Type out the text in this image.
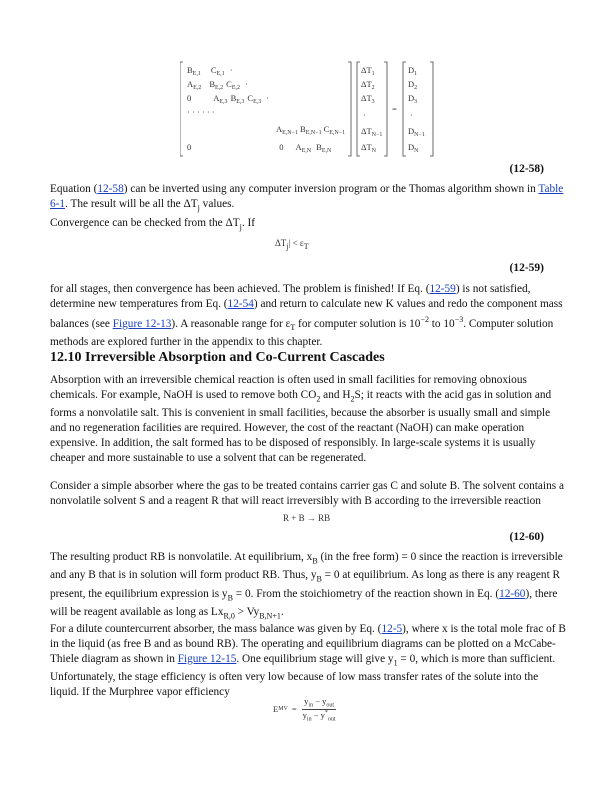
$B_{E,1}$ $C_{E,1}$ ·
$A_{E,2}$ $B_{E,2}$ $C_{E,2}$ ·
0	$A_{E,3}$ $B_{E,3}$ $C_{E,3}$ ·
· · · · · ·
$A_{E,N-1}$ $B_{E,N-1}$ $C_{E,N-1}$
0	0 $A_{E,N}$ $B_{E,N}$
$\Delta T_1$
$\Delta T_2$
$\Delta T_3$
·
$\Delta T_{N-1}$
$\Delta T_N$
=
$D_1$
$D_2$
$D_3$
·
$D_{N-1}$
$D_N$
(12-58)

Equation (12-58) can be inverted using any computer inversion program or the Thomas algorithm shown in Table 6-1. The result will be all the $\Delta T_j$ values.

Convergence can be checked from the $\Delta T_j$. If

$\Delta T_j| < \varepsilon_T$
(12-59)

for all stages, then convergence has been achieved. The problem is finished! If Eq. (12-59) is not satisfied, determine new temperatures from Eq. (12-54) and return to calculate new K values and redo the component mass balances (see Figure 12-13). A reasonable range for $\varepsilon_T$ for computer solution is $10^{-2}$ to $10^{-3}$. Computer solution methods are explored further in the appendix to this chapter.

12.10 Irreversible Absorption and Co-Current Cascades

Absorption with an irreversible chemical reaction is often used in small facilities for removing obnoxious chemicals. For example, NaOH is used to remove both $CO_2$ and $H_2S$; it reacts with the acid gas in solution and forms a nonvolatile salt. This is convenient in small facilities, because the absorber is usually small and simple and no regeneration facilities are required. However, the cost of the reactant (NaOH) can make operation expensive. In addition, the salt formed has to be disposed of responsibly. In large-scale systems it is usually cheaper and more sustainable to use a solvent that can be regenerated.

Consider a simple absorber where the gas to be treated contains carrier gas C and solute B. The solvent contains a nonvolatile solvent S and a reagent R that will react irreversibly with B according to the irreversible reaction

R + B → RB
(12-60)

The resulting product RB is nonvolatile. At equilibrium, $x_B$ (in the free form) = 0 since the reaction is irreversible and any B that is in solution will form product RB. Thus, $y_B = 0$ at equilibrium. As long as there is any reagent R present, the equilibrium expression is $y_B = 0$. From the stoichiometry of the reaction shown in Eq. (12-60), there will be reagent available as long as $Lx_{R,0} > Vy_{B,N+1}$.

For a dilute countercurrent absorber, the mass balance was given by Eq. (12-5), where x is the total mole frac of B in the liquid (as free B and as bound RB). The operating and equilibrium diagrams can be plotted on a McCabe-Thiele diagram as shown in Figure 12-15. One equilibrium stage will give $y_1 = 0$, which is more than sufficient. Unfortunately, the stage efficiency is often very low because of low mass transfer rates of the solute into the liquid. If the Murphree vapor efficiency

E MV =
$y_{in} - y_{out}$
$y_{in} - y^*_{out}$
